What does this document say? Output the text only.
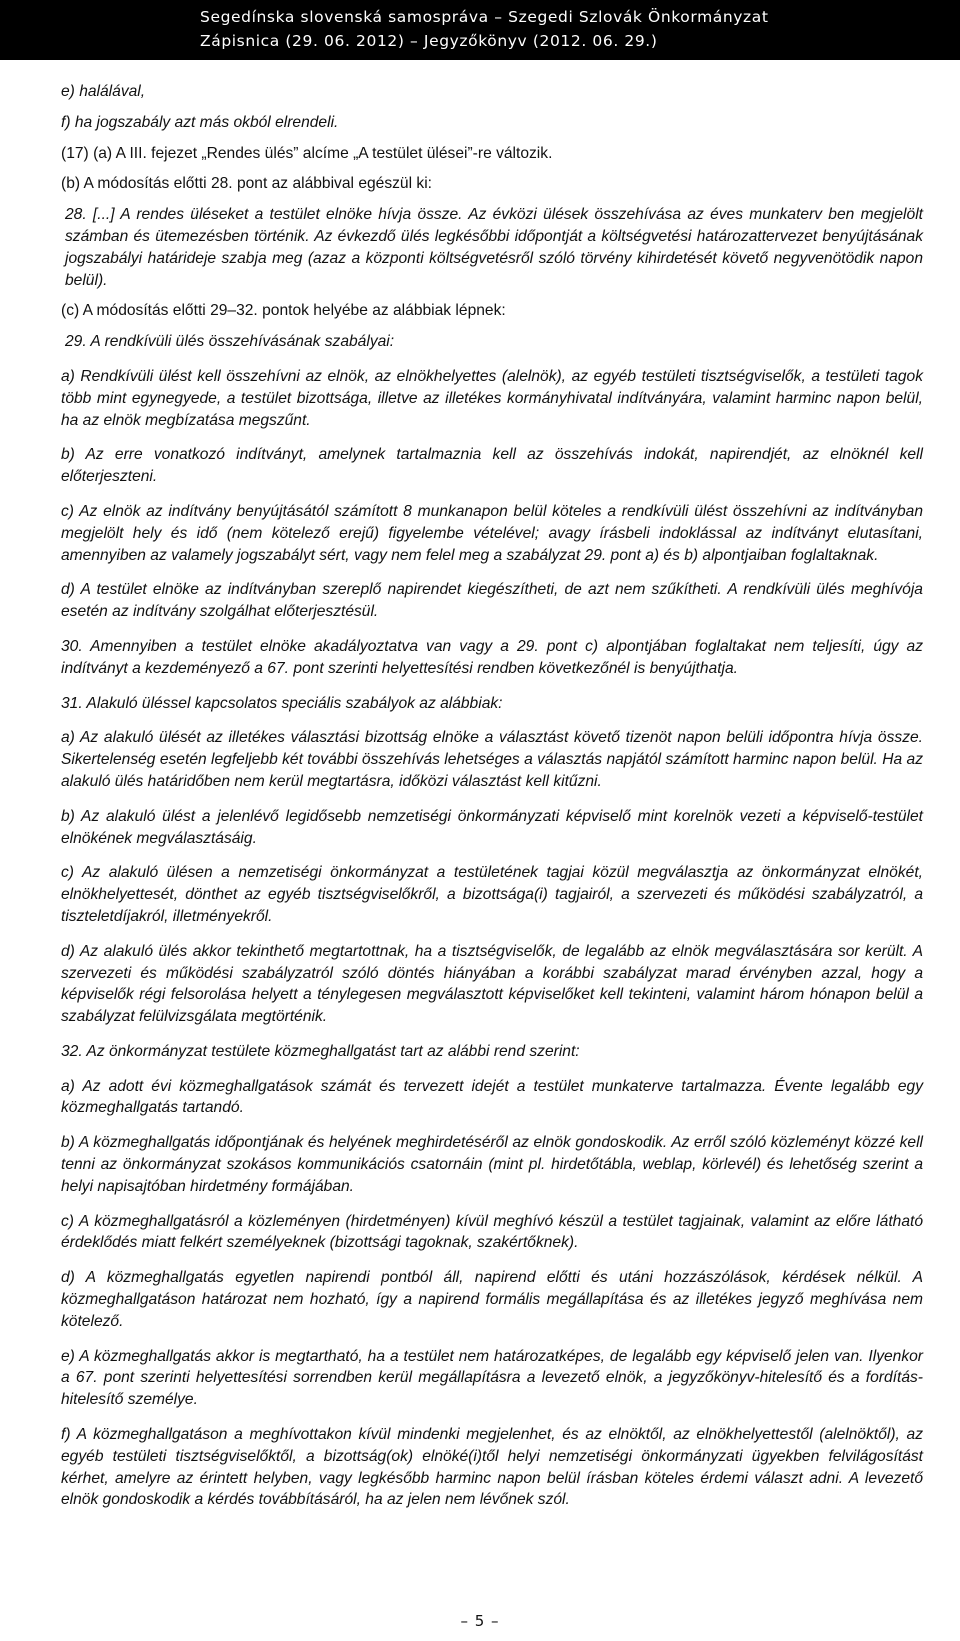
Segedínska slovenská samospráva – Szegedi Szlovák Önkormányzat
Zápisnica (29. 06. 2012) – Jegyzőkönyv (2012. 06. 29.)

e) halálával,

f) ha jogszabály azt más okból elrendeli.

(17) (a) A III. fejezet „Rendes ülés” alcíme „A testület ülései”-re változik.

(b) A módosítás előtti 28. pont az alábbival egészül ki:

28. [...] A rendes üléseket a testület elnöke hívja össze. Az évközi ülések összehívása az éves munkaterv ben megjelölt számban és ütemezésben történik. Az évkezdő ülés legkésőbbi időpontját a költségvetési határozattervezet benyújtásának jogszabályi határideje szabja meg (azaz a központi költségvetésről szóló törvény kihirdetését követő negyvenötödik napon belül).

(c) A módosítás előtti 29–32. pontok helyébe az alábbiak lépnek:

29. A rendkívüli ülés összehívásának szabályai:

a) Rendkívüli ülést kell összehívni az elnök, az elnökhelyettes (alelnök), az egyéb testületi tisztségviselők, a testületi tagok több mint egynegyede, a testület bizottsága, illetve az illetékes kormányhivatal indítványára, valamint harminc napon belül, ha az elnök megbízatása megszűnt.

b) Az erre vonatkozó indítványt, amelynek tartalmaznia kell az összehívás indokát, napirendjét, az elnöknél kell előterjeszteni.

c) Az elnök az indítvány benyújtásától számított 8 munkanapon belül köteles a rendkívüli ülést összehívni az indítványban megjelölt hely és idő (nem kötelező erejű) figyelembe vételével; avagy írásbeli indoklással az indítványt elutasítani, amennyiben az valamely jogszabályt sért, vagy nem felel meg a szabályzat 29. pont a) és b) alpontjaiban foglaltaknak.

d) A testület elnöke az indítványban szereplő napirendet kiegészítheti, de azt nem szűkítheti. A rendkívüli ülés meghívója esetén az indítvány szolgálhat előterjesztésül.

30. Amennyiben a testület elnöke akadályoztatva van vagy a 29. pont c) alpontjában foglaltakat nem teljesíti, úgy az indítványt a kezdeményező a 67. pont szerinti helyettesítési rendben következőnél is benyújthatja.

31. Alakuló üléssel kapcsolatos speciális szabályok az alábbiak:

a) Az alakuló ülését az illetékes választási bizottság elnöke a választást követő tizenöt napon belüli időpontra hívja össze. Sikertelenség esetén legfeljebb két további összehívás lehetséges a választás napjától számított harminc napon belül. Ha az alakuló ülés határidőben nem kerül megtartásra, időközi választást kell kitűzni.

b) Az alakuló ülést a jelenlévő legidősebb nemzetiségi önkormányzati képviselő mint korelnök vezeti a képviselő-testület elnökének megválasztásáig.

c) Az alakuló ülésen a nemzetiségi önkormányzat a testületének tagjai közül megválasztja az önkormányzat elnökét, elnökhelyettesét, dönthet az egyéb tisztségviselőkről, a bizottsága(i) tagjairól, a szervezeti és működési szabályzatról, a tiszteletdíjakról, illetményekről.

d) Az alakuló ülés akkor tekinthető megtartottnak, ha a tisztségviselők, de legalább az elnök megválasztására sor került. A szervezeti és működési szabályzatról szóló döntés hiányában a korábbi szabályzat marad érvényben azzal, hogy a képviselők régi felsorolása helyett a ténylegesen megválasztott képviselőket kell tekinteni, valamint három hónapon belül a szabályzat felülvizsgálata megtörténik.

32. Az önkormányzat testülete közmeghallgatást tart az alábbi rend szerint:

a) Az adott évi közmeghallgatások számát és tervezett idejét a testület munkaterve tartalmazza. Évente legalább egy közmeghallgatás tartandó.

b) A közmeghallgatás időpontjának és helyének meghirdetéséről az elnök gondoskodik. Az erről szóló közleményt közzé kell tenni az önkormányzat szokásos kommunikációs csatornáin (mint pl. hirdetőtábla, weblap, körlevél) és lehetőség szerint a helyi napisajtóban hirdetmény formájában.

c) A közmeghallgatásról a közleményen (hirdetményen) kívül meghívó készül a testület tagjainak, valamint az előre látható érdeklődés miatt felkért személyeknek (bizottsági tagoknak, szakértőknek).

d) A közmeghallgatás egyetlen napirendi pontból áll, napirend előtti és utáni hozzászólások, kérdések nélkül. A közmeghallgatáson határozat nem hozható, így a napirend formális megállapítása és az illetékes jegyző meghívása nem kötelező.

e) A közmeghallgatás akkor is megtartható, ha a testület nem határozatképes, de legalább egy képviselő jelen van. Ilyenkor a 67. pont szerinti helyettesítési sorrendben kerül megállapításra a levezető elnök, a jegyzőkönyv-hitelesítő és a fordítás-hitelesítő személye.

f) A közmeghallgatáson a meghívottakon kívül mindenki megjelenhet, és az elnöktől, az elnökhelyettestől (alelnöktől), az egyéb testületi tisztségviselőktől, a bizottság(ok) elnöké(i)től helyi nemzetiségi önkormányzati ügyekben felvilágosítást kérhet, amelyre az érintett helyben, vagy legkésőbb harminc napon belül írásban köteles érdemi választ adni. A levezető elnök gondoskodik a kérdés továbbításáról, ha az jelen nem lévőnek szól.

– 5 –
